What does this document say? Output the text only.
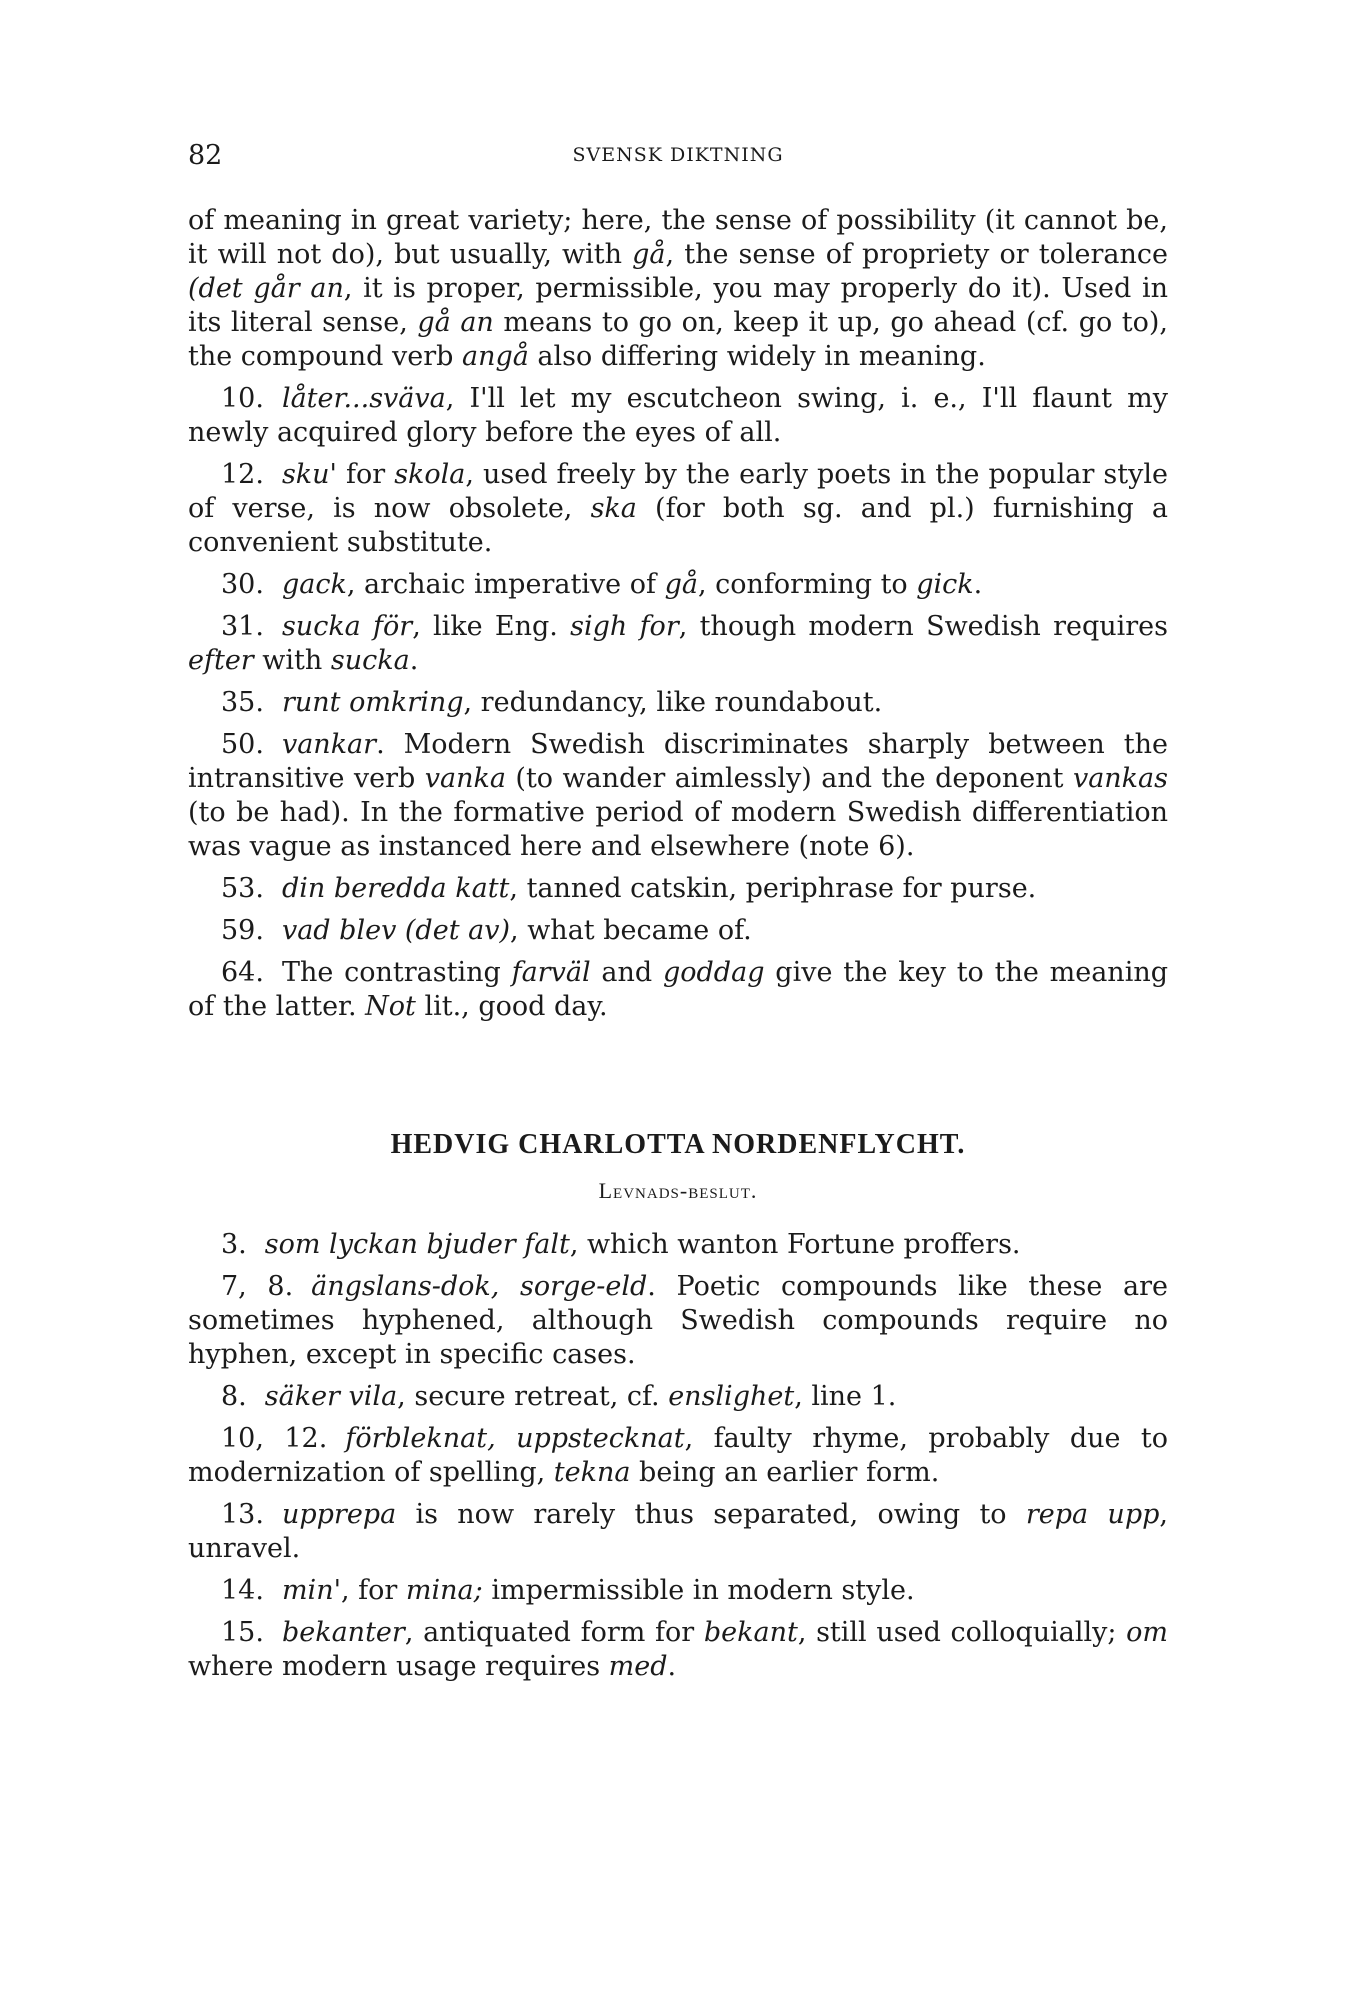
82	SVENSK DIKTNING

of meaning in great variety; here, the sense of possibility (it cannot be, it will not do), but usually, with gå, the sense of propriety or tolerance (det går an, it is proper, permissible, you may properly do it). Used in its literal sense, gå an means to go on, keep it up, go ahead (cf. go to), the compound verb angå also differing widely in meaning.

10. låter...sväva, I'll let my escutcheon swing, i. e., I'll flaunt my newly acquired glory before the eyes of all.

12. sku' for skola, used freely by the early poets in the popular style of verse, is now obsolete, ska (for both sg. and pl.) furnishing a convenient substitute.

30. gack, archaic imperative of gå, conforming to gick.

31. sucka för, like Eng. sigh for, though modern Swedish requires efter with sucka.

35. runt omkring, redundancy, like roundabout.

50. vankar. Modern Swedish discriminates sharply between the intransitive verb vanka (to wander aimlessly) and the deponent vankas (to be had). In the formative period of modern Swedish differentiation was vague as instanced here and elsewhere (note 6).

53. din beredda katt, tanned catskin, periphrase for purse.

59. vad blev (det av), what became of.

64. The contrasting farväl and goddag give the key to the meaning of the latter. Not lit., good day.

HEDVIG CHARLOTTA NORDENFLYCHT.
Levnads-beslut.

3. som lyckan bjuder falt, which wanton Fortune proffers.

7, 8. ängslans-dok, sorge-eld. Poetic compounds like these are sometimes hyphened, although Swedish compounds require no hyphen, except in specific cases.

8. säker vila, secure retreat, cf. enslighet, line 1.

10, 12. förbleknat, uppstecknat, faulty rhyme, probably due to modernization of spelling, tekna being an earlier form.

13. upprepa is now rarely thus separated, owing to repa upp, unravel.

14. min', for mina; impermissible in modern style.

15. bekanter, antiquated form for bekant, still used colloquially; om where modern usage requires med.
